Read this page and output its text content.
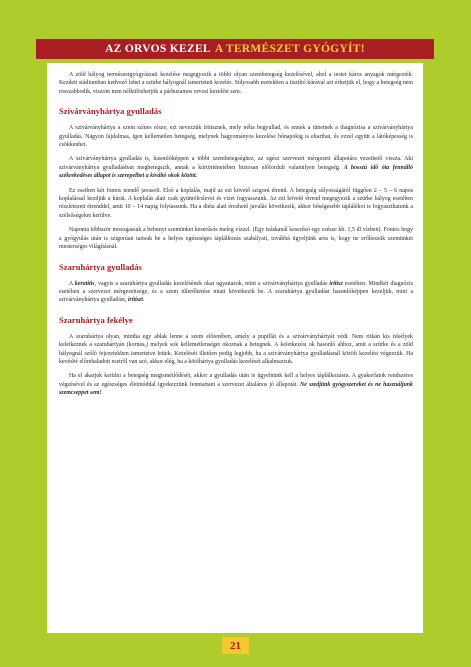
AZ ORVOS KEZEL A TERMÉSZET GYÓGYÍT!

A zöld hályog természetgyógyászati kezelése megegyezik a többi olyan szembetegség kezelésével, ahol a testet káros anyagok mérgezték. Kezdeti stádiumban kedvező lehet a szürke hályognál ismertetett kezelés. Súlyosabb esetekben a tisztító kúrával azt érhetjük el, hogy a betegség nem rosszabbodik, viszont nem nélkülözhetjük a párhuzamos orvosi kezelést sem.

Szivárványhártya gyulladás

A szivárványhártya a szem színes része, ezt nevezzük íritisznek, mely néha begyullad, és ennek a tünetnek a diagnózisa a szivárványhártya gyulladás. Nagyon fájdalmas, igen kellemetlen betegség, melynek hagyományos kezelése hónapokig is eltarthat, és ezzel együtt a látóképesség is csökkenhet.

A szivárványhártya gyulladás is, hasonlóképpen a többi szembetegséghez, az egész szervezet mérgezett állapotára vezethető vissza. Aki szivárványhártya gyulladásban megbetegszik, annak a kórtörténetében biztosan előfordult valamilyen betegség. A hosszú idő óta fennálló székrekedéses állapot is szerepelhet a kiváltó okok között.

Ez esetben két fontos teendő javasolt. Első a koplalás, majd az ezt követő szigorú étrend. A betegség súlyosságától függően 2 – 5 – 6 napos koplalással kezdjük a kúrát. A koplalás alatt csak gyümölcslevet és vizet fogyasszunk. Az ezt követő étrend megegyezik a szürke hályog esetében részletezett étrenddel, amit 10 – 14 napig folytassunk. Ha a diéta alatt érezhető javulás következik, akkor bőségesebb táplálékot is fogyaszthatunk a szélsőségeket kerülve.

Naponta többször mosogassuk a behunyt szemünket keserűsós meleg vízzel. (Egy teáskanál keserűsó egy csésze kb. 1,5 dl vízben). Fontos hogy a gyógyulás után is szigorúan tartsuk be a helyes egészséges táplálkozás szabályait, továbbá ügyeljünk arra is, hogy ne erőltessük szemünket mesterséges világításnál.

Szaruhártya gyulladás

A keratitis, vagyis a szaruhártya gyulladás kezelésének okai ugyanazok, mint a szivárványhártya gyulladás iritisz esetében. Mindkét diagnózis esetében a szervezet mérgezettsége, és a szem túlerőltetése miatt következik be. A szaruhártya gyulladást hasonlóképpen kezeljük, mint a szivárványhártya gyulladást, iritiszt.

Szaruhártya fekélye

A szaruhártya olyan, mintha egy ablak lenne a szem előterében, amely a pupillát és a szivárványhártyát védi. Nem ritkán kis fekélyek keletkeznek a szaruhártyán (kornea,) melyek sok kellemetlenséget okoznak a betegnek. A keletkezési ok hasonló ahhoz, amit a szürke és a zöld hályognál szóló fejezetekben ismertetve lettek. Kezelését illetően pedig legjobb, ha a szivárványhártya gyulladásnál közölt kezelést végezzük. Ha kevésbé előrehaladott esetről van szó, akkor elég, ha a kötőhártya gyulladás kezelését alkalmazzuk.

Ha el akarjuk kerülni a betegség megismétlődését, akkor a gyulladás után is ügyelnünk kell a helyes táplálkozásra. A gyakorlatok rendszeres végzésével és az egészséges életmóddal igyekezzünk fenntartani a szervezet általános jó állapotát. Ne szedjünk gyógyszereket és ne használjunk szemcseppet sem!

21
